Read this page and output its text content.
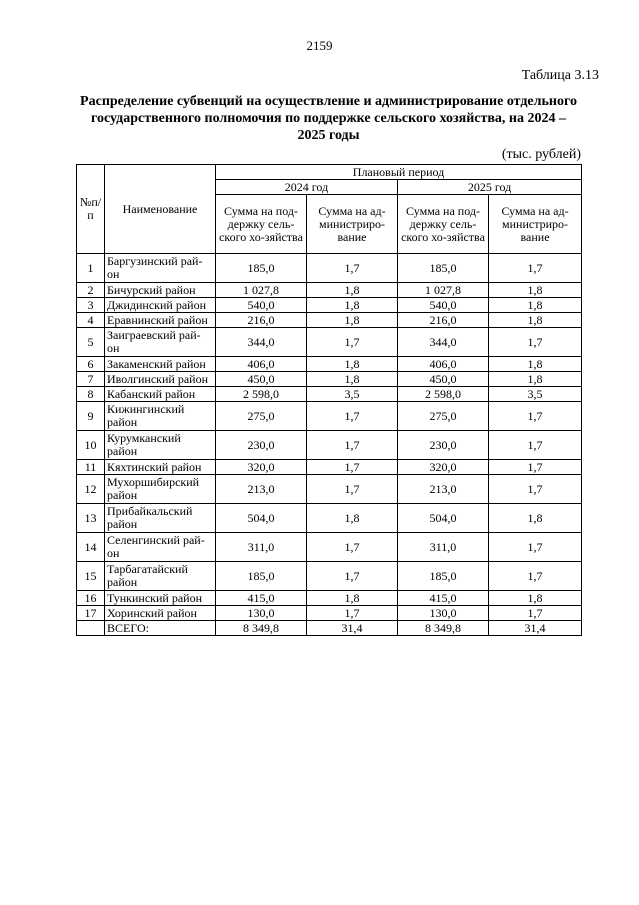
2159
Таблица 3.13
Распределение субвенций на осуществление и администрирование отдельного государственного полномочия по поддержке сельского хозяйства, на 2024 – 2025 годы
(тыс. рублей)
№п/п	Наименование	Плановый период			
		2024 год		2025 год	
		Сумма на под-держку сель-ского хо-зяйства	Сумма на ад-министриро-вание	Сумма на под-держку сель-ского хо-зяйства	Сумма на ад-министриро-вание
1	Баргузинский рай-он	185,0	1,7	185,0	1,7
2	Бичурский район	1 027,8	1,8	1 027,8	1,8
3	Джидинский район	540,0	1,8	540,0	1,8
4	Еравнинский район	216,0	1,8	216,0	1,8
5	Заиграевский рай-он	344,0	1,7	344,0	1,7
6	Закаменский район	406,0	1,8	406,0	1,8
7	Иволгинский район	450,0	1,8	450,0	1,8
8	Кабанский район	2 598,0	3,5	2 598,0	3,5
9	Кижингинский район	275,0	1,7	275,0	1,7
10	Курумканский район	230,0	1,7	230,0	1,7
11	Кяхтинский район	320,0	1,7	320,0	1,7
12	Мухоршибирский район	213,0	1,7	213,0	1,7
13	Прибайкальский район	504,0	1,8	504,0	1,8
14	Селенгинский рай-он	311,0	1,7	311,0	1,7
15	Тарбагатайский район	185,0	1,7	185,0	1,7
16	Тункинский район	415,0	1,8	415,0	1,8
17	Хоринский район	130,0	1,7	130,0	1,7
	ВСЕГО:	8 349,8	31,4	8 349,8	31,4
